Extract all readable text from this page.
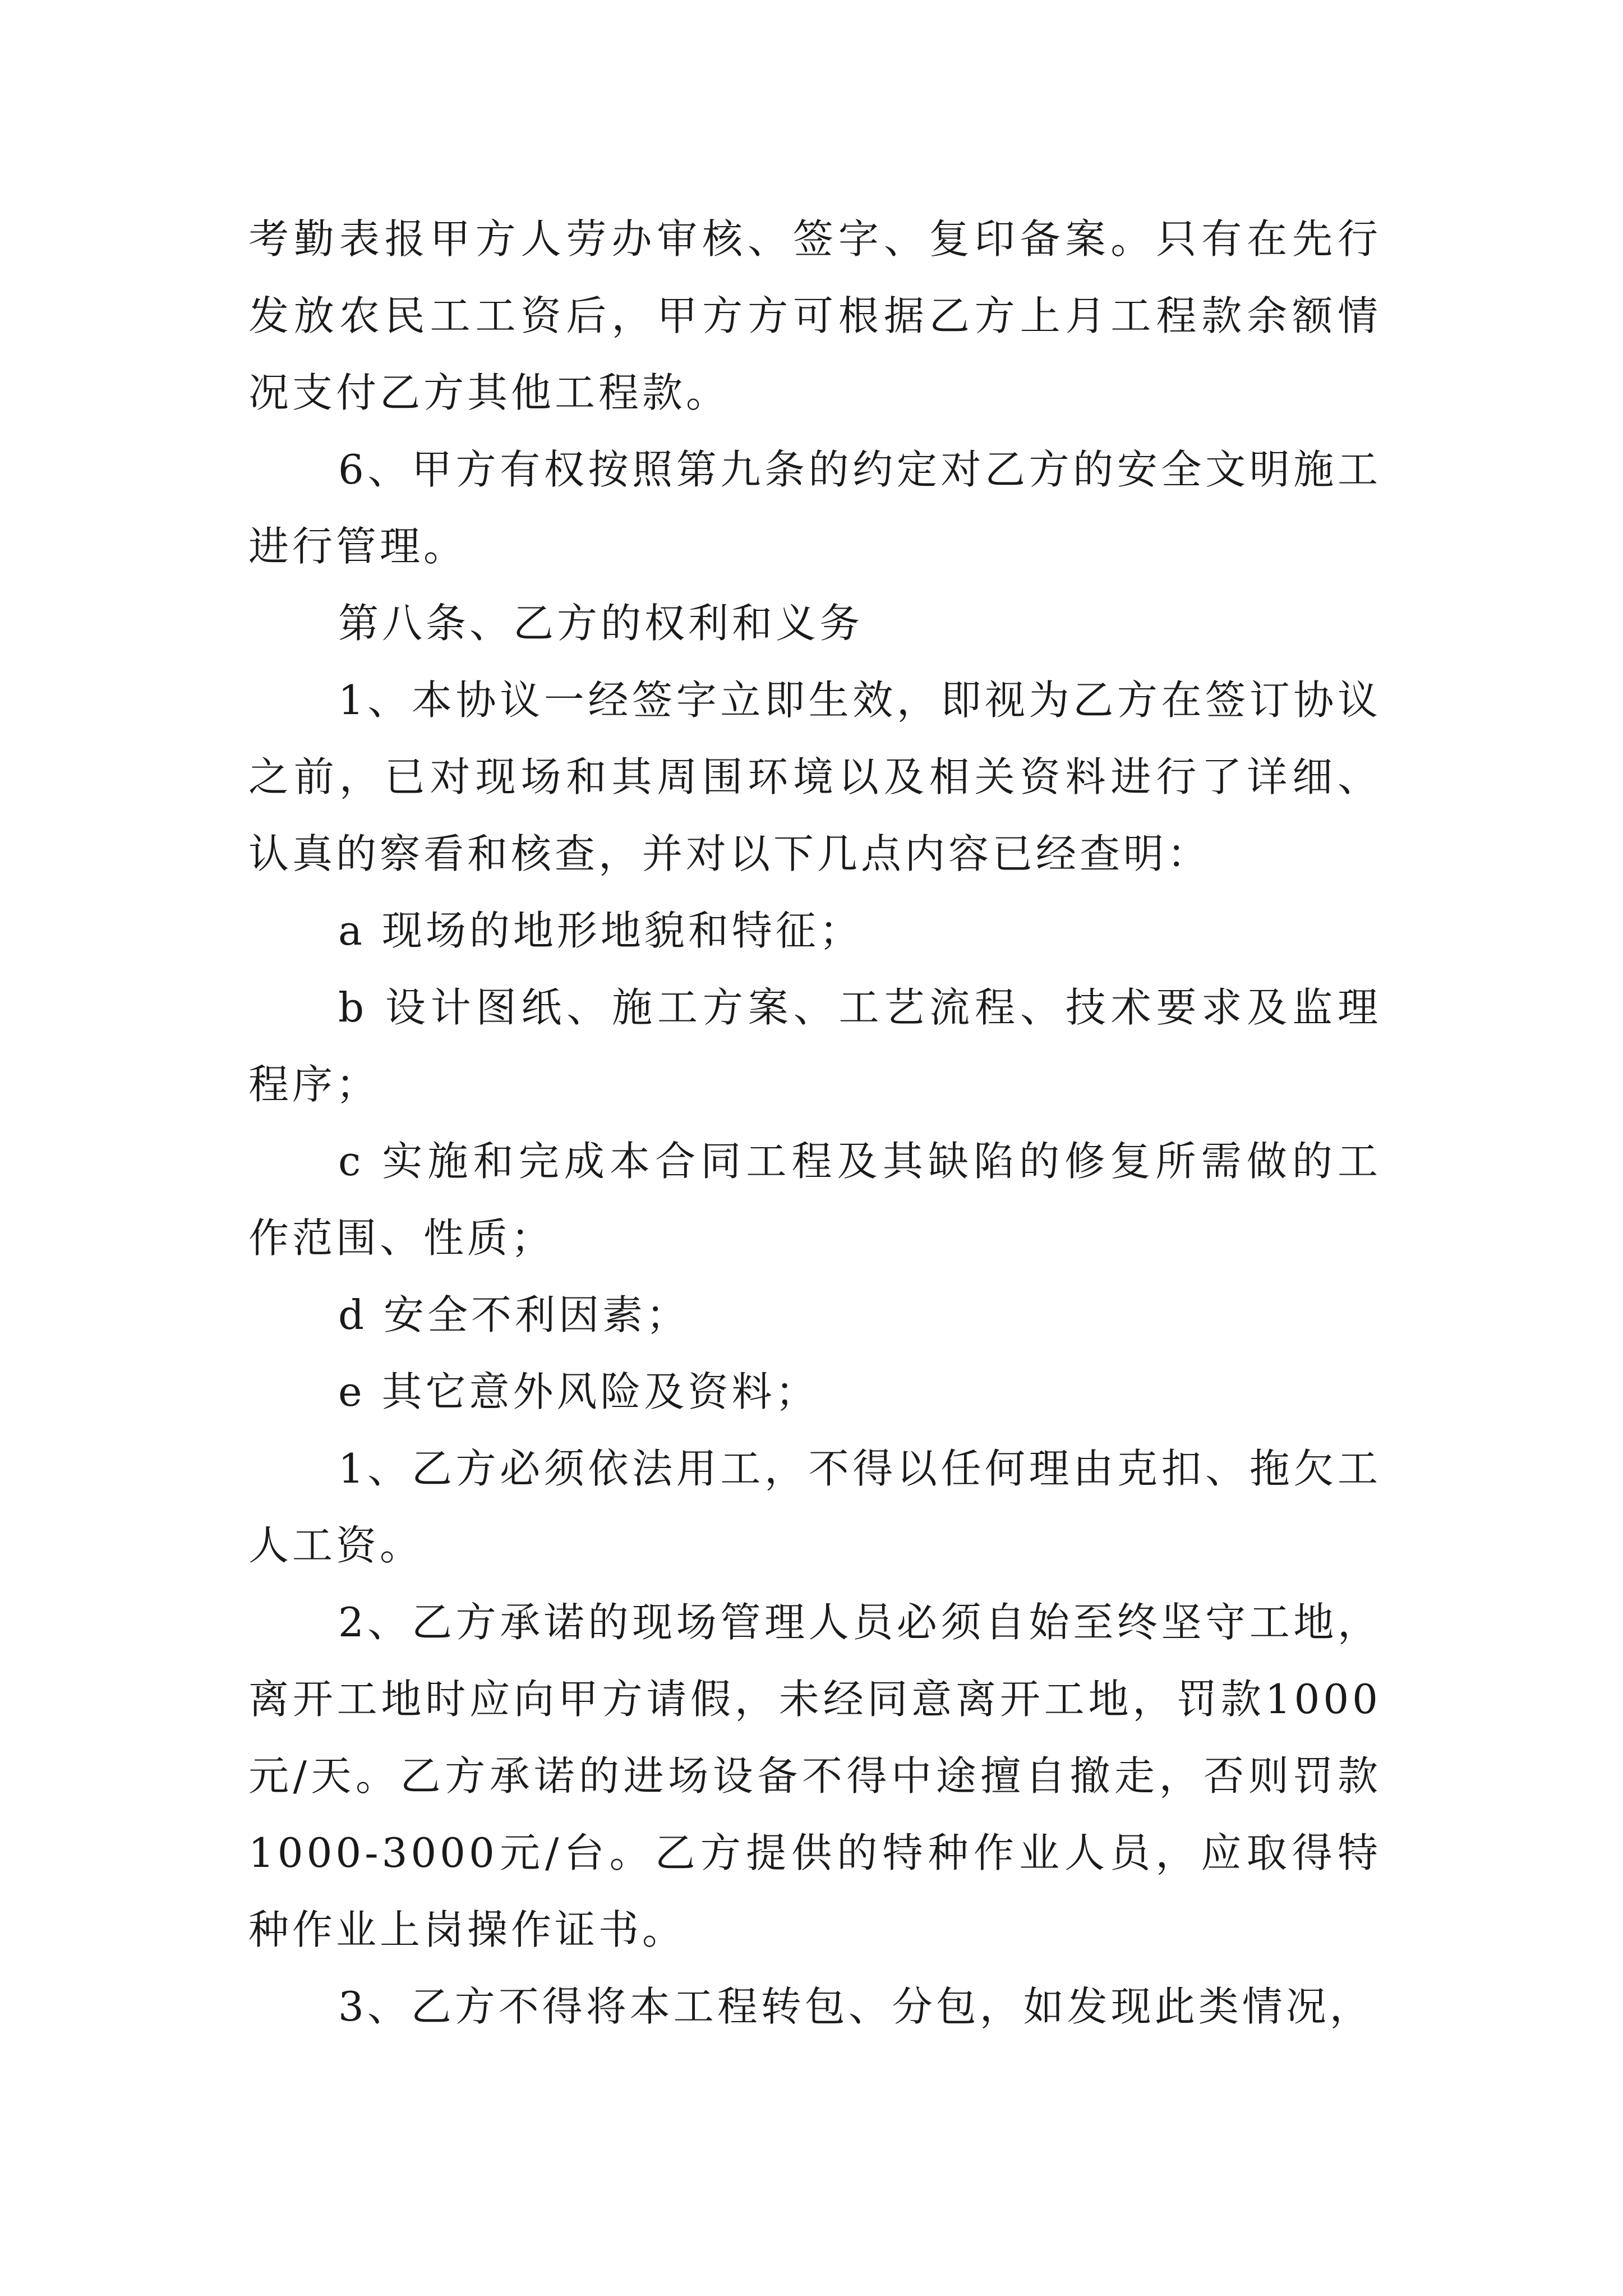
考勤表报甲方人劳办审核、签字、复印备案。只有在先行发放农民工工资后，甲方方可根据乙方上月工程款余额情况支付乙方其他工程款。

6、甲方有权按照第九条的约定对乙方的安全文明施工进行管理。

第八条、乙方的权利和义务

1、本协议一经签字立即生效，即视为乙方在签订协议之前，已对现场和其周围环境以及相关资料进行了详细、认真的察看和核查，并对以下几点内容已经查明：

a 现场的地形地貌和特征；

b 设计图纸、施工方案、工艺流程、技术要求及监理程序；

c 实施和完成本合同工程及其缺陷的修复所需做的工作范围、性质；

d 安全不利因素；

e 其它意外风险及资料；

1、乙方必须依法用工，不得以任何理由克扣、拖欠工人工资。

2、乙方承诺的现场管理人员必须自始至终坚守工地，离开工地时应向甲方请假，未经同意离开工地，罚款1000元/天。乙方承诺的进场设备不得中途擅自撤走，否则罚款1000-3000元/台。乙方提供的特种作业人员，应取得特种作业上岗操作证书。

3、乙方不得将本工程转包、分包，如发现此类情况，
